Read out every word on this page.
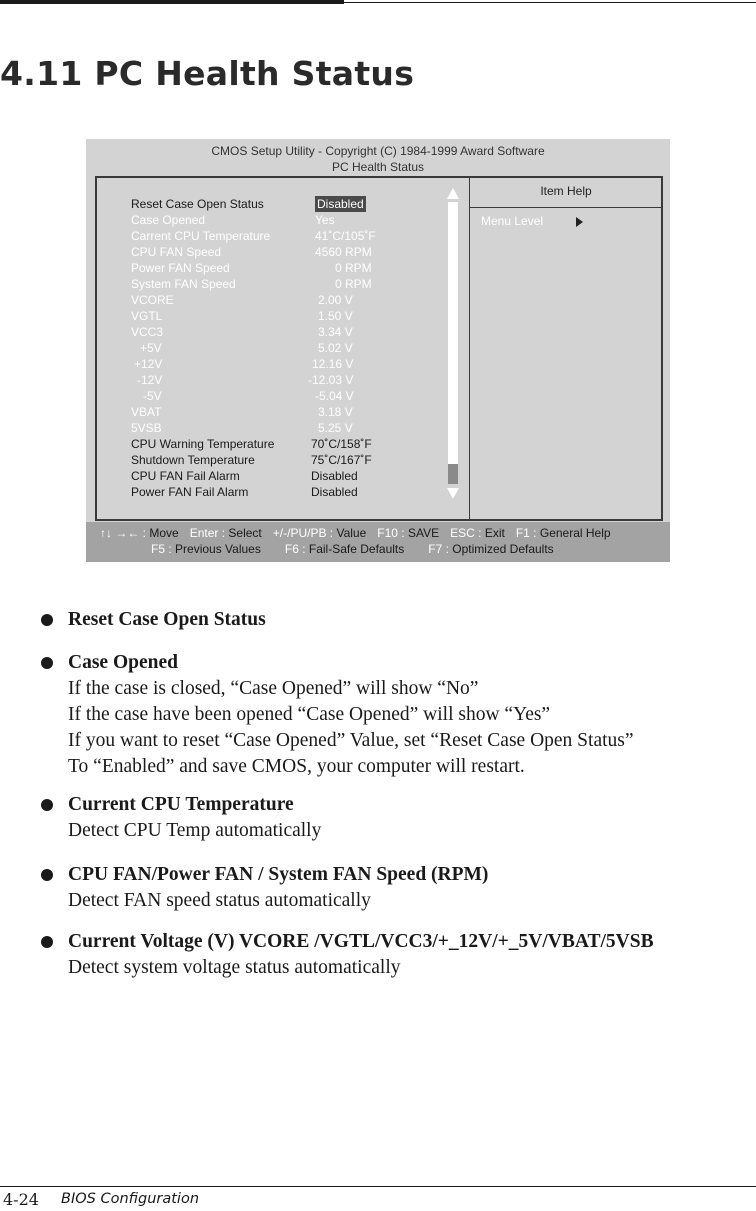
4.11 PC Health Status
CMOS Setup Utility - Copyright (C) 1984-1999 Award Software
PC Health Status
Reset Case Open Status	Disabled
Case Opened	Yes
Carrent CPU Temperature	41˚C/105˚F
CPU FAN Speed	4560 RPM
Power FAN Speed	0 RPM
System FAN Speed	0 RPM
VCORE	2.00 V
VGTL	1.50 V
VCC3	3.34 V
+5V	5.02 V
+12V	12.16 V
-12V	-12.03 V
-5V	-5.04 V
VBAT	3.18 V
5VSB	5.25 V
CPU Warning Temperature	70˚C/158˚F
Shutdown Temperature	75˚C/167˚F
CPU FAN Fail Alarm	Disabled
Power FAN Fail Alarm	Disabled
Item Help
Menu Level
↑↓ →← : Move Enter : Select +/-/PU/PB : Value F10 : SAVE ESC : Exit F1 : General Help
F5 : Previous Values F6 : Fail-Safe Defaults F7 : Optimized Defaults
Reset Case Open Status
Case Opened
If the case is closed, “Case Opened” will show “No”
If the case have been opened “Case Opened” will show “Yes”
If you want to reset “Case Opened” Value, set “Reset Case Open Status”
To “Enabled” and save CMOS, your computer will restart.
Current CPU Temperature
Detect CPU Temp automatically
CPU FAN/Power FAN / System FAN Speed (RPM)
Detect FAN speed status automatically
Current Voltage (V) VCORE /VGTL/VCC3/+_12V/+_5V/VBAT/5VSB
Detect system voltage status automatically
4-24 BIOS Configuration
